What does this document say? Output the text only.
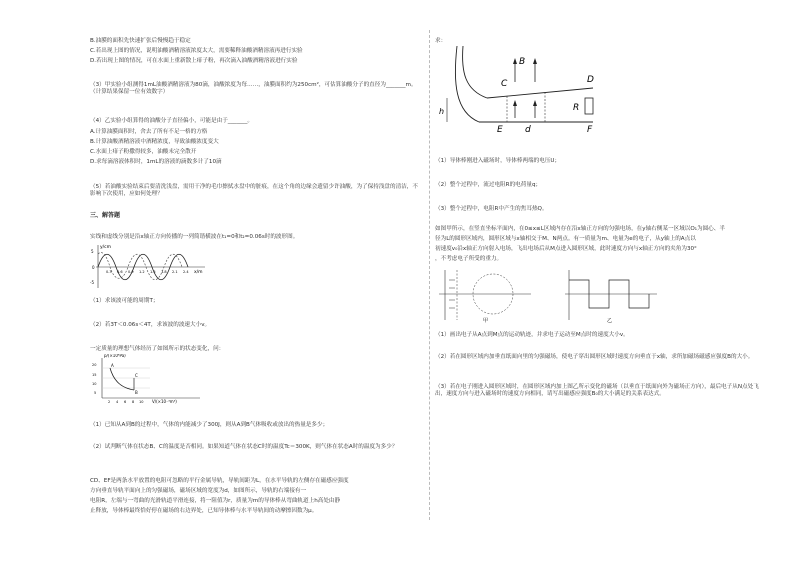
B.油膜的面积先快速扩张后慢慢趋于稳定
C.若出现上图的情况，说明油酸酒精溶液浓度太大，需要稀释油酸酒精溶液再进行实验
D.若出现上图的情况，可在水面上重新散上痱子粉，再次滴入油酸酒精溶液进行实验
（3）甲实验小组测得1mL油酸酒精溶液为80滴，油酸浓度为每……，油膜面积约为250cm²，可估算油酸分子的直径为_______m。（计算结果保留一位有效数字）
（4）乙实验小组算得的油酸分子直径偏小，可能是由于_______。
A.计算油膜面积时，舍去了所有不足一格的方格
B.计算油酸酒精溶液中酒精浓度，导致油酸浓度变大
C.水面上痱子粉撒得较多，油酸未完全散开
D.求每滴溶液体积时，1mL的溶液的滴数多计了10滴
（5）若油酸实验结束后要清洗浅盘，需用干净的毛巾擦拭水盘中的脏痕，在这个角的边缘会遗留少许油酸，为了保持浅盘的清洁，不影响下次使用，应如何处理？
三、解答题
实线和虚线分别是沿x轴正方向传播的一列简谐横波在t₁=0和t₂=0.06s时的波形图。
y/cm
x/m
5
0
-5
0.3 0.6 0.9 1.2 1.5 1.8 2.1 2.4
（1）求该波可能的周期T；
（2）若3T＜0.06s＜4T，求该波的波速大小v。
一定质量的理想气体经历了如图所示的状态变化，问：
p/(×10⁵Pa)
V/(×10⁻³m³)
20
15
10
5
2 4 6 8 10
A
B
C
（1）已知从A到B的过程中，气体的内能减少了300J，则从A到B气体吸收或放出的热量是多少；
（2）试判断气体在状态B、C的温度是否相同。如果知道气体在状态C时的温度Tc＝300K，则气体在状态A时的温度为多少？
CD、EF是两条水平放置的电阻可忽略的平行金属导轨，导轨间距为L，在水平导轨的左侧存在磁感应强度
方向垂直导轨平面向上的匀强磁场，磁场区域的宽度为d，如图所示，导轨的右端接有一
电阻R，左端与一弯曲的光滑轨道平滑连接，将一阻值为r，质量为m的导体棒从弯曲轨道上h高处由静
止释放，导体棒最终恰好停在磁场的右边界处，已知导体棒与水平导轨间的动摩擦因数为μ。
求：
C
B
D
R
h
E d	F
（1）导体棒刚进入磁场时，导体棒两端的电压U；
（2）整个过程中，流过电阻R的电荷量q；
（3）整个过程中，电阻R中产生的焦耳热Q。
如图甲所示，在竖直坐标平面内，在0≤x≤L区域内存在沿x轴正方向的匀强电场，在y轴右侧某一区域以O₁为圆心、半
径为L的圆形区域内，圆形区域与x轴相交于M、N两点。有一质量为m、电量为e的电子，从y轴上的A点以
初速度v₀沿x轴正方向射入电场，飞出电场后从M点进入圆形区域，此时速度方向与x轴正方向的夹角为30°
，不考虑电子所受的重力。
甲	乙
（1）画出电子从A点到M点的运动轨迹，并求电子运动至M点时的速度大小v。
（2）若在圆形区域内加垂直纸面向里的匀强磁场，使电子穿出圆形区域时速度方向垂直于x轴，求所加磁场磁感应强度B的大小。
（3）若在电子刚进入圆形区域时，在圆形区域内加上图乙所示变化的磁场（以垂直于纸面向外为磁场正方向），最后电子从N点处飞出，速度方向与进入磁场时的速度方向相同，请写出磁感应强度B₀的大小满足的关系表达式。
